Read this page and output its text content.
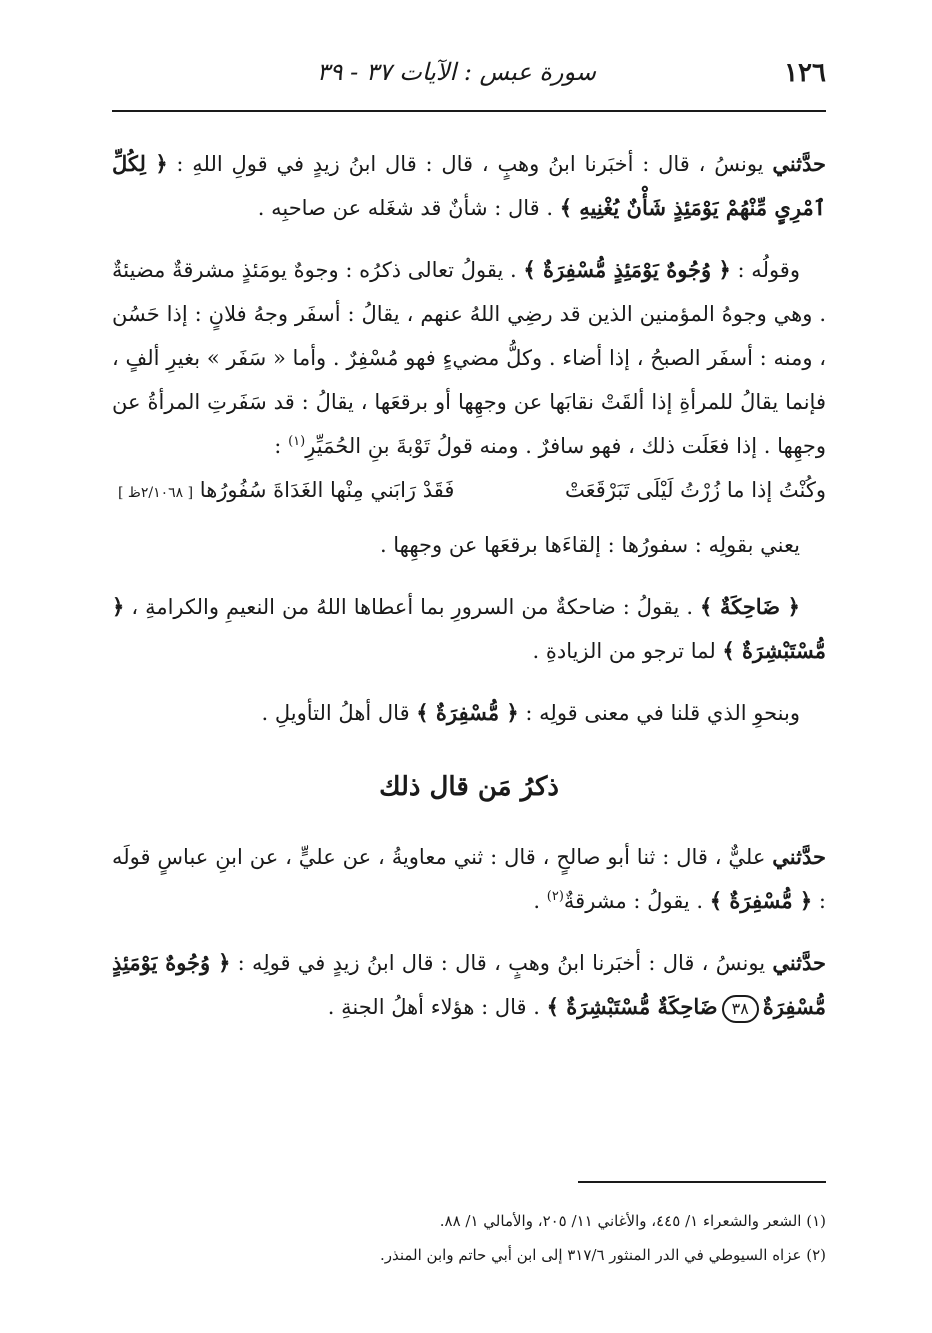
١٢٦
سورة عبس : الآيات ٣٧ - ٣٩

حدَّثني يونسُ ، قال : أخبَرنا ابنُ وهبٍ ، قال : قال ابنُ زيدٍ في قولِ اللهِ : ﴿ لِكُلِّ ٱمْرِىٍٕ مِّنْهُمْ يَوْمَئِذٍ شَأْنٌ يُغْنِيهِ ﴾ . قال : شأنٌ قد شغَله عن صاحبِه .

وقولُه : ﴿ وُجُوهٌ يَوْمَئِذٍ مُّسْفِرَةٌ ﴾ . يقولُ تعالى ذكرُه : وجوهٌ يومَئذٍ مشرقةٌ مضيئةٌ . وهي وجوهُ المؤمنين الذين قد رضِي اللهُ عنهم ، يقالُ : أسفَر وجهُ فلانٍ : إذا حَسُن ، ومنه : أسفَر الصبحُ ، إذا أضاء . وكلُّ مضيءٍ فهو مُسْفِرٌ . وأما « سَفَر » بغيرِ ألفٍ ، فإنما يقالُ للمرأةِ إذا ألقَتْ نقابَها عن وجهِها أو برقعَها ، يقالُ : قد سَفَرتِ المرأةُ عن وجهِها . إذا فعَلَت ذلك ، فهو سافرٌ . ومنه قولُ تَوْبةَ بنِ الحُمَيِّرِ$^{(١)}$ :

وكُنْتُ إذا ما زُرْتُ لَيْلَى تَبَرْقَعَتْ
فَقَدْ رَابَني مِنْها الغَدَاةَ سُفُورُها [ ٢/١٠٦٨ظ ]

يعني بقولِه : سفورُها : إلقاءَها برقعَها عن وجهِها .

﴿ ضَاحِكَةٌ ﴾ . يقولُ : ضاحكةٌ من السرورِ بما أعطاها اللهُ من النعيمِ والكرامةِ ، ﴿ مُّسْتَبْشِرَةٌ ﴾ لما ترجو من الزيادةِ .

وبنحوِ الذي قلنا في معنى قولِه : ﴿ مُّسْفِرَةٌ ﴾ قال أهلُ التأويلِ .

ذكرُ مَن قال ذلك

حدَّثني عليٌّ ، قال : ثنا أبو صالحٍ ، قال : ثني معاويةُ ، عن عليٍّ ، عن ابنِ عباسٍ قولَه : ﴿ مُّسْفِرَةٌ ﴾ . يقولُ : مشرقةٌ$^{(٢)}$ .

حدَّثني يونسُ ، قال : أخبَرنا ابنُ وهبٍ ، قال : قال ابنُ زيدٍ في قولِه : ﴿ وُجُوهٌ يَوْمَئِذٍ مُّسْفِرَةٌ٣٨ضَاحِكَةٌ مُّسْتَبْشِرَةٌ ﴾ . قال : هؤلاء أهلُ الجنةِ .

(١) الشعر والشعراء ١/ ٤٤٥، والأغاني ١١/ ٢٠٥، والأمالي ١/ ٨٨.
(٢) عزاه السيوطي في الدر المنثور ٣١٧/٦ إلى ابن أبي حاتم وابن المنذر.
